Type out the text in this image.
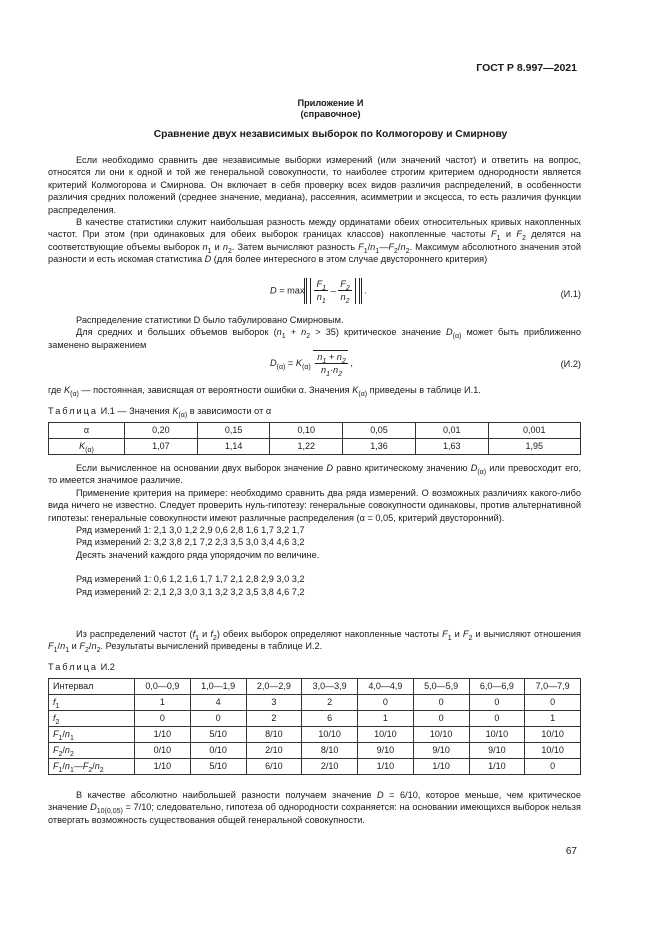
ГОСТ Р 8.997—2021
Приложение И
(справочное)
Сравнение двух независимых выборок по Колмогорову и Смирнову

Если необходимо сравнить две независимые выборки измерений (или значений частот) и ответить на вопрос, относятся ли они к одной и той же генеральной совокупности, то наиболее строгим критерием однородности является критерий Колмогорова и Смирнова. Он включает в себя проверку всех видов различия распределений, в особенности различия средних положений (среднее значение, медиана), рассеяния, асимметрии и эксцесса, то есть различия функции распределения.

В качестве статистики служит наибольшая разность между ординатами обеих относительных кривых накопленных частот. При этом (при одинаковых для обеих выборок границах классов) накопленные частоты $F_1$ и $F_2$ делятся на соответствующие объемы выборок $n_1$ и $n_2$. Затем вычисляют разность $F_1/n_1—F_2/n_2$. Максимум абсолютного значения этой разности и есть искомая статистика D (для более интересного в этом случае двустороннего критерия)

$D = \max \frac{F_1}{n_1} - \frac{F_2}{n_2}$ .	(И.1)

Распределение статистики D было табулировано Смирновым.

Для средних и больших объемов выборок $(n_1 + n_2 > 35)$ критическое значение $D_{(\alpha)}$ может быть приближенно заменено выражением

$D_{(\alpha)} = K_{(\alpha)} \frac{n_1 + n_2}{n_1\cdot n_2}$ ,	(И.2)

где $K_{(\alpha)}$ — постоянная, зависящая от вероятности ошибки α. Значения $K_{(\alpha)}$ приведены в таблице И.1.

Таблица И.1 — Значения $K_{(\alpha)}$ в зависимости от α
α	0,20	0,15	0,10	0,05	0,01	0,001
$K_{(\alpha)}$	1,07	1,14	1,22	1,36	1,63	1,95

Если вычисленное на основании двух выборок значение D равно критическому значению $D_{(\alpha)}$ или превосходит его, то имеется значимое различие.

Применение критерия на примере: необходимо сравнить два ряда измерений. О возможных различиях какого-либо вида ничего не известно. Следует проверить нуль-гипотезу: генеральные совокупности одинаковы, против альтернативной гипотезы: генеральные совокупности имеют различные распределения (α = 0,05, критерий двусторонний).

Ряд измерений 1: 2,1 3,0 1,2 2,9 0,6 2,8 1,6 1,7 3,2 1,7

Ряд измерений 2: 3,2 3,8 2,1 7,2 2,3 3,5 3,0 3,4 4,6 3,2

Десять значений каждого ряда упорядочим по величине.

Ряд измерений 1: 0,6 1,2 1,6 1,7 1,7 2,1 2,8 2,9 3,0 3,2

Ряд измерений 2: 2,1 2,3 3,0 3,1 3,2 3,2 3,5 3,8 4,6 7,2

Из распределений частот ($f_1$ и $f_2$) обеих выборок определяют накопленные частоты $F_1$ и $F_2$ и вычисляют отношения $F_1/n_1$ и $F_2/n_2$. Результаты вычислений приведены в таблице И.2.

Таблица И.2
Интервал	0,0—0,9	1,0—1,9	2,0—2,9	3,0—3,9	4,0—4,9	5,0—5,9	6,0—6,9	7,0—7,9
$f_1$	1	4	3	2	0	0	0	0
$f_2$	0	0	2	6	1	0	0	1
$F_1/n_1$	1/10	5/10	8/10	10/10	10/10	10/10	10/10	10/10
$F_2/n_2$	0/10	0/10	2/10	8/10	9/10	9/10	9/10	10/10
$F_1/n_1—F_2/n_2$	1/10	5/10	6/10	2/10	1/10	1/10	1/10	0

В качестве абсолютно наибольшей разности получаем значение D = 6/10, которое меньше, чем критическое значение $D_{10(0,05)} = 7/10$; следовательно, гипотеза об однородности сохраняется: на основании имеющихся выборок нельзя отвергать возможность существования общей генеральной совокупности.

67
